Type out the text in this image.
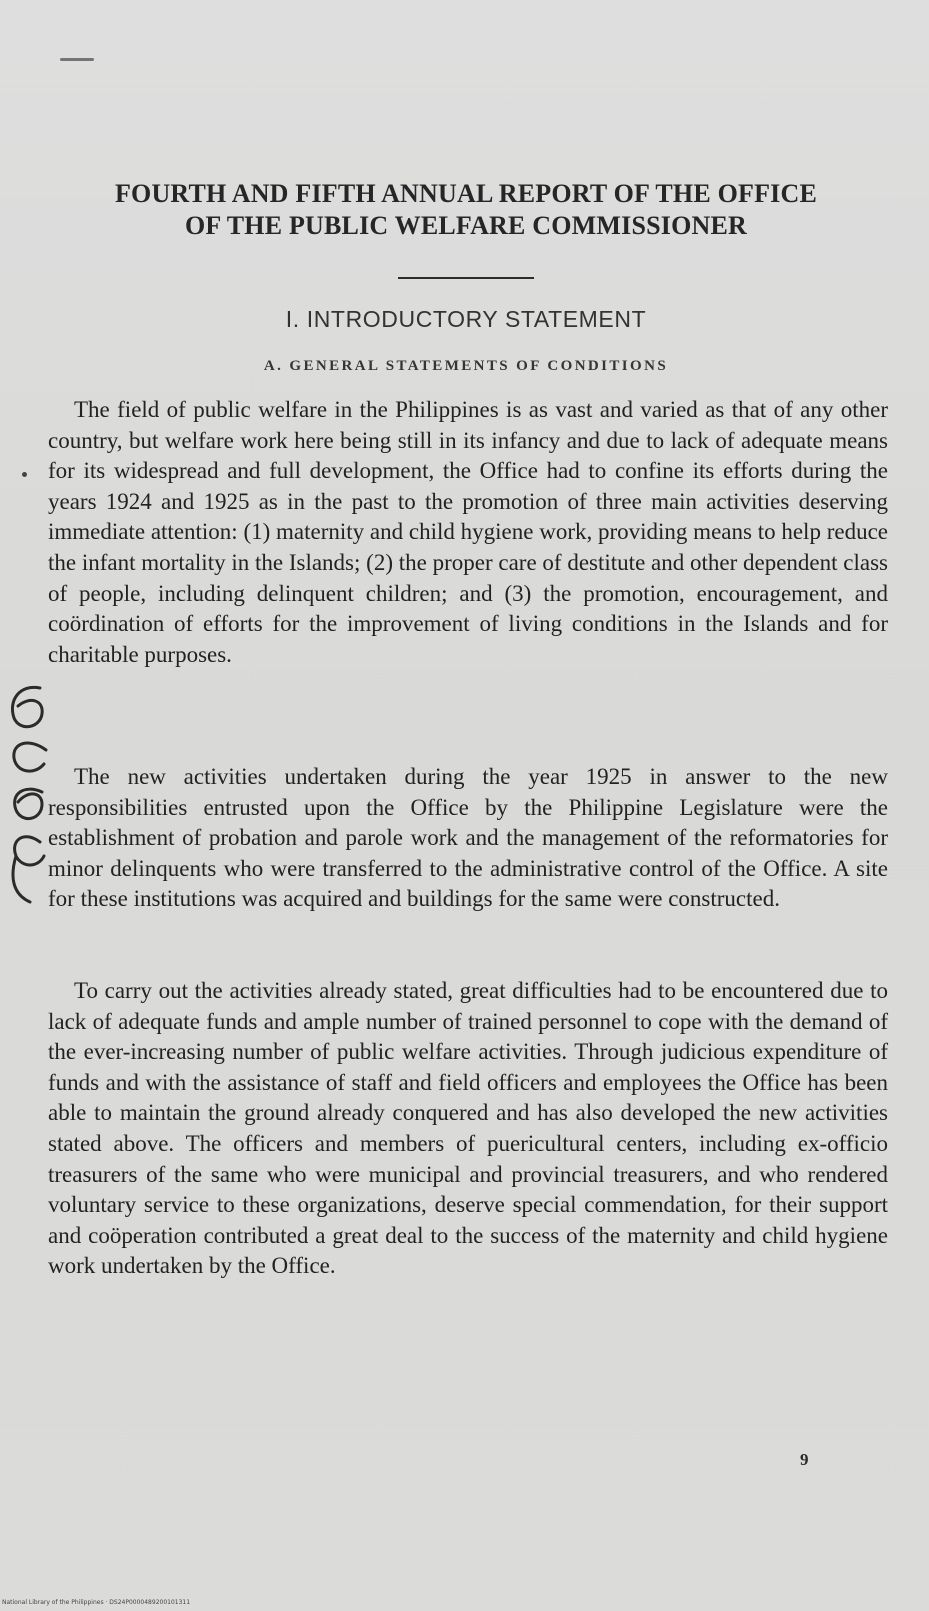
FOURTH AND FIFTH ANNUAL REPORT OF THE OFFICE
OF THE PUBLIC WELFARE COMMISSIONER
I. INTRODUCTORY STATEMENT
A. GENERAL STATEMENTS OF CONDITIONS

The field of public welfare in the Philippines is as vast and varied as that of any other country, but welfare work here being still in its infancy and due to lack of adequate means for its widespread and full development, the Office had to confine its efforts during the years 1924 and 1925 as in the past to the promotion of three main activities deserving immediate attention: (1) maternity and child hygiene work, providing means to help reduce the infant mortality in the Islands; (2) the proper care of destitute and other dependent class of people, including delinquent children; and (3) the promotion, encouragement, and coördination of efforts for the improvement of living conditions in the Islands and for charitable purposes.

The new activities undertaken during the year 1925 in answer to the new responsibilities entrusted upon the Office by the Philippine Legislature were the establishment of probation and parole work and the management of the reformatories for minor delinquents who were transferred to the administrative control of the Office. A site for these institutions was acquired and buildings for the same were constructed.

To carry out the activities already stated, great difficulties had to be encountered due to lack of adequate funds and ample number of trained personnel to cope with the demand of the ever-increasing number of public welfare activities. Through judicious expenditure of funds and with the assistance of staff and field officers and employees the Office has been able to maintain the ground already conquered and has also developed the new activities stated above. The officers and members of puericultural centers, including ex-officio treasurers of the same who were municipal and provincial treasurers, and who rendered voluntary service to these organizations, deserve special commendation, for their support and coöperation contributed a great deal to the success of the maternity and child hygiene work undertaken by the Office.

9
National Library of the Philippines · DS24P0000489200101311
